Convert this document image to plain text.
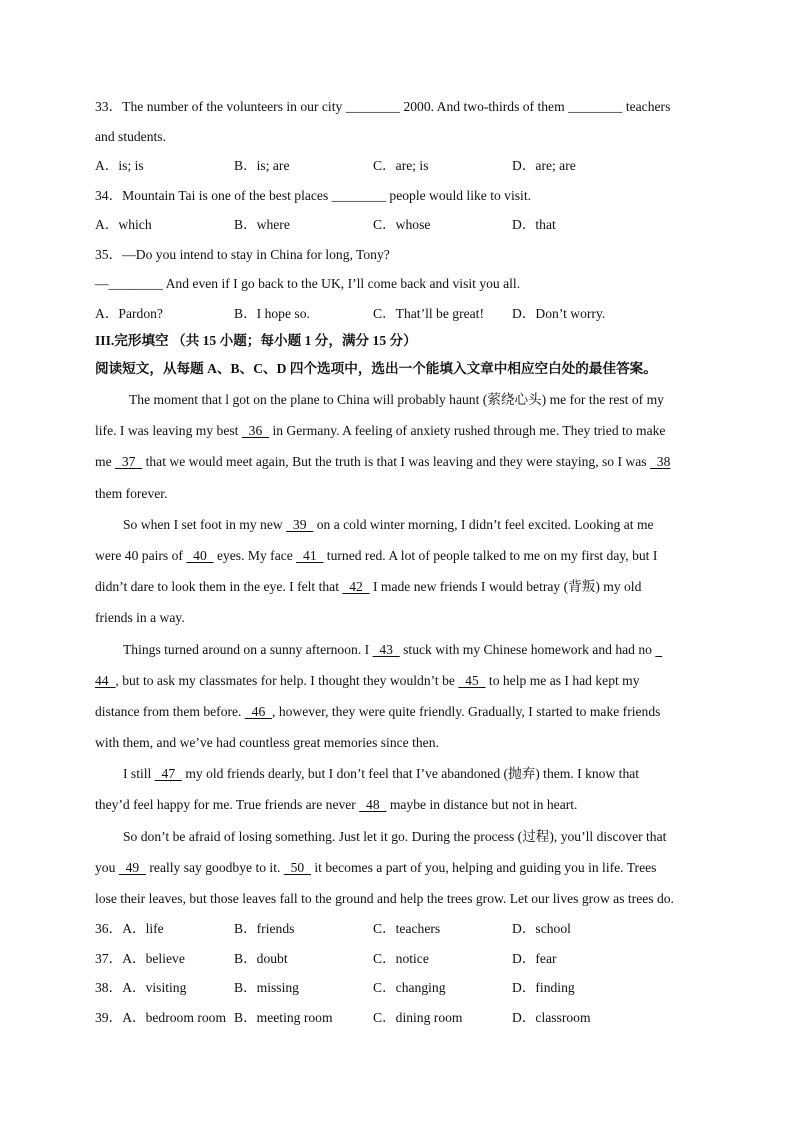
33．The number of the volunteers in our city ________ 2000. And two-thirds of them ________ teachers
and students.
A．is; is	B．is; are	C．are; is	D．are; are
34．Mountain Tai is one of the best places ________ people would like to visit.
A．which	B．where	C．whose	D．that
35．—Do you intend to stay in China for long, Tony?
—________ And even if I go back to the UK, I’ll come back and visit you all.
A．Pardon?	B．I hope so.	C．That’ll be great!	D．Don’t worry.
III.完形填空 （共 15 小题；每小题 1 分，满分 15 分）
阅读短文，从每题 A、B、C、D 四个选项中，选出一个能填入文章中相应空白处的最佳答案。
The moment that l got on the plane to China will probably haunt (萦绕心头) me for the rest of my
life. I was leaving my best   36   in Germany. A feeling of anxiety rushed through me. They tried to make
me   37   that we would meet again, But the truth is that I was leaving and they were staying, so I was   38
them forever.
So when I set foot in my new   39   on a cold winter morning, I didn’t feel excited. Looking at me
were 40 pairs of   40   eyes. My face   41   turned red. A lot of people talked to me on my first day, but I
didn’t dare to look them in the eye. I felt that   42   I made new friends I would betray (背叛) my old
friends in a way.
Things turned around on a sunny afternoon. I   43   stuck with my Chinese homework and had no
44  , but to ask my classmates for help. I thought they wouldn’t be   45   to help me as I had kept my
distance from them before.   46  , however, they were quite friendly. Gradually, I started to make friends
with them, and we’ve had countless great memories since then.
I still   47   my old friends dearly, but I don’t feel that I’ve abandoned (抛弃) them. I know that
they’d feel happy for me. True friends are never   48   maybe in distance but not in heart.
So don’t be afraid of losing something. Just let it go. During the process (过程), you’ll discover that
you   49   really say goodbye to it.   50   it becomes a part of you, helping and guiding you in life. Trees
lose their leaves, but those leaves fall to the ground and help the trees grow. Let our lives grow as trees do.
36．A．life	B．friends	C．teachers	D．school
37．A．believe	B．doubt	C．notice	D．fear
38．A．visiting	B．missing	C．changing	D．finding
39．A．bedroom room B．meeting room	C．dining room	D．classroom
